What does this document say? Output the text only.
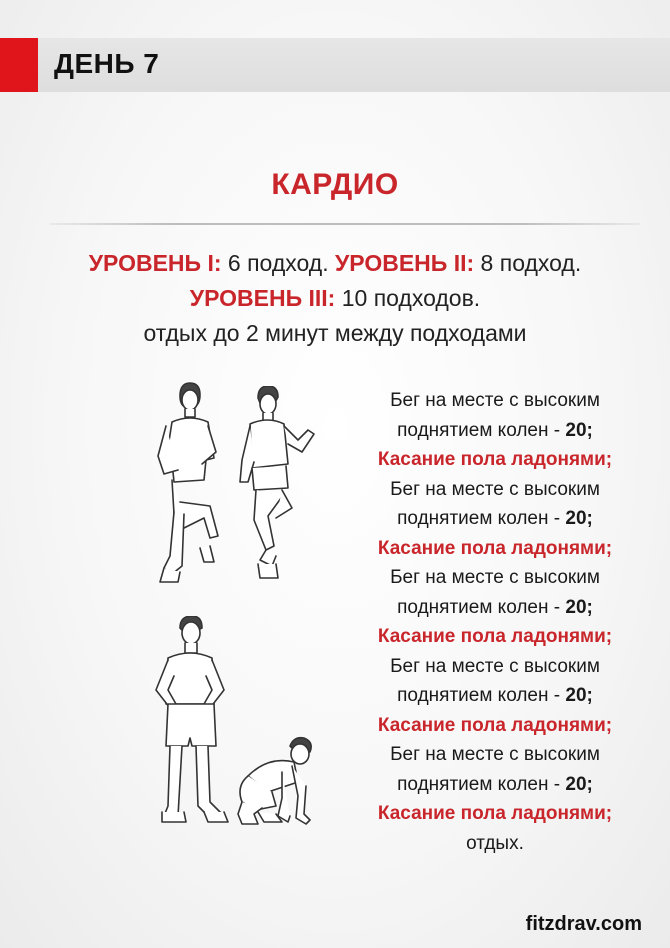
ДЕНЬ 7
КАРДИО
УРОВЕНЬ I: 6 подход. УРОВЕНЬ II: 8 подход.
УРОВЕНЬ III: 10 подходов.
отдых до 2 минут между подходами
Бег на месте с высоким
поднятием колен - 20;
Касание пола ладонями;
Бег на месте с высоким
поднятием колен - 20;
Касание пола ладонями;
Бег на месте с высоким
поднятием колен - 20;
Касание пола ладонями;
Бег на месте с высоким
поднятием колен - 20;
Касание пола ладонями;
Бег на месте с высоким
поднятием колен - 20;
Касание пола ладонями;
отдых.
fitzdrav.com
